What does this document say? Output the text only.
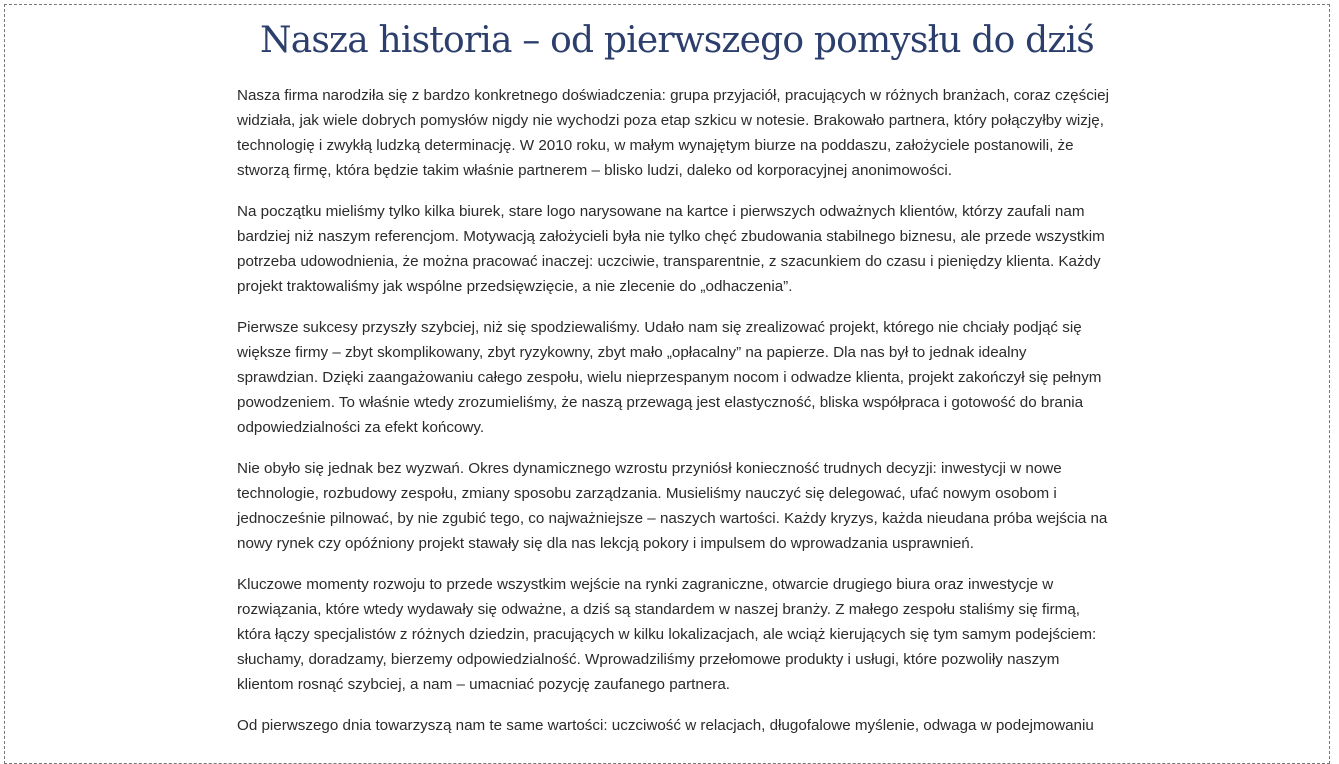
Nasza historia – od pierwszego pomysłu do dziś

Nasza firma narodziła się z bardzo konkretnego doświadczenia: grupa przyjaciół, pracujących w różnych branżach, coraz częściej widziała, jak wiele dobrych pomysłów nigdy nie wychodzi poza etap szkicu w notesie. Brakowało partnera, który połączyłby wizję, technologię i zwykłą ludzką determinację. W 2010 roku, w małym wynajętym biurze na poddaszu, założyciele postanowili, że stworzą firmę, która będzie takim właśnie partnerem – blisko ludzi, daleko od korporacyjnej anonimowości.

Na początku mieliśmy tylko kilka biurek, stare logo narysowane na kartce i pierwszych odważnych klientów, którzy zaufali nam bardziej niż naszym referencjom. Motywacją założycieli była nie tylko chęć zbudowania stabilnego biznesu, ale przede wszystkim potrzeba udowodnienia, że można pracować inaczej: uczciwie, transparentnie, z szacunkiem do czasu i pieniędzy klienta. Każdy projekt traktowaliśmy jak wspólne przedsięwzięcie, a nie zlecenie do „odhaczenia”.

Pierwsze sukcesy przyszły szybciej, niż się spodziewaliśmy. Udało nam się zrealizować projekt, którego nie chciały podjąć się większe firmy – zbyt skomplikowany, zbyt ryzykowny, zbyt mało „opłacalny” na papierze. Dla nas był to jednak idealny sprawdzian. Dzięki zaangażowaniu całego zespołu, wielu nieprzespanym nocom i odwadze klienta, projekt zakończył się pełnym powodzeniem. To właśnie wtedy zrozumieliśmy, że naszą przewagą jest elastyczność, bliska współpraca i gotowość do brania odpowiedzialności za efekt końcowy.

Nie obyło się jednak bez wyzwań. Okres dynamicznego wzrostu przyniósł konieczność trudnych decyzji: inwestycji w nowe technologie, rozbudowy zespołu, zmiany sposobu zarządzania. Musieliśmy nauczyć się delegować, ufać nowym osobom i jednocześnie pilnować, by nie zgubić tego, co najważniejsze – naszych wartości. Każdy kryzys, każda nieudana próba wejścia na nowy rynek czy opóźniony projekt stawały się dla nas lekcją pokory i impulsem do wprowadzania usprawnień.

Kluczowe momenty rozwoju to przede wszystkim wejście na rynki zagraniczne, otwarcie drugiego biura oraz inwestycje w rozwiązania, które wtedy wydawały się odważne, a dziś są standardem w naszej branży. Z małego zespołu staliśmy się firmą, która łączy specjalistów z różnych dziedzin, pracujących w kilku lokalizacjach, ale wciąż kierujących się tym samym podejściem: słuchamy, doradzamy, bierzemy odpowiedzialność. Wprowadziliśmy przełomowe produkty i usługi, które pozwoliły naszym klientom rosnąć szybciej, a nam – umacniać pozycję zaufanego partnera.

Od pierwszego dnia towarzyszą nam te same wartości: uczciwość w relacjach, długofalowe myślenie, odwaga w podejmowaniu
